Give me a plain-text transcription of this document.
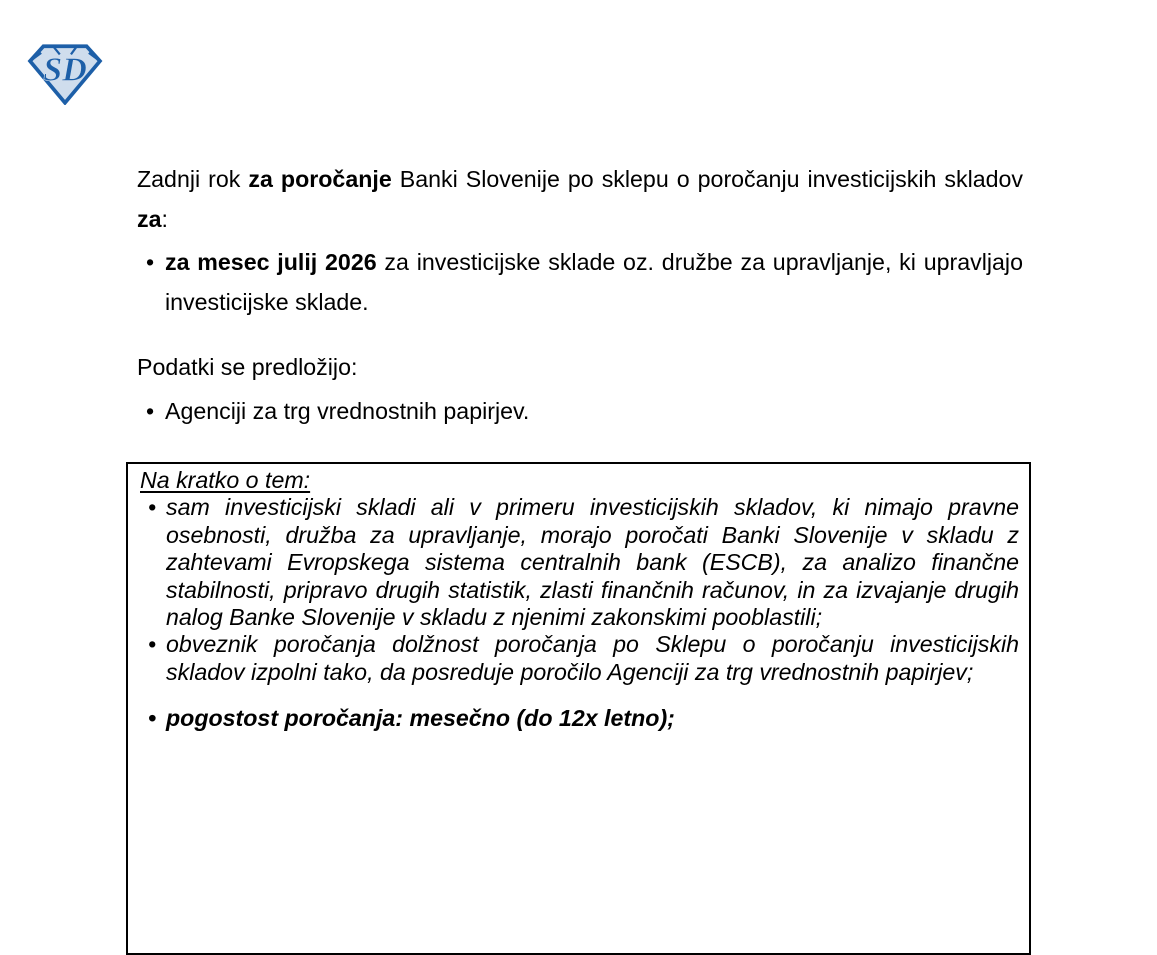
SD

Zadnji rok za poročanje Banki Slovenije po sklepu o poročanju investicijskih skladov za:

• za mesec julij 2026 za investicijske sklade oz. družbe za upravljanje, ki upravljajo investicijske sklade.

Podatki se predložijo:

• Agenciji za trg vrednostnih papirjev.

Na kratko o tem:

• sam investicijski skladi ali v primeru investicijskih skladov, ki nimajo pravne osebnosti, družba za upravljanje, morajo poročati Banki Slovenije v skladu z zahtevami Evropskega sistema centralnih bank (ESCB), za analizo finančne stabilnosti, pripravo drugih statistik, zlasti finančnih računov, in za izvajanje drugih nalog Banke Slovenije v skladu z njenimi zakonskimi pooblastili;
• obveznik poročanja dolžnost poročanja po Sklepu o poročanju investicijskih skladov izpolni tako, da posreduje poročilo Agenciji za trg vrednostnih papirjev;
• pogostost poročanja: mesečno (do 12x letno);
